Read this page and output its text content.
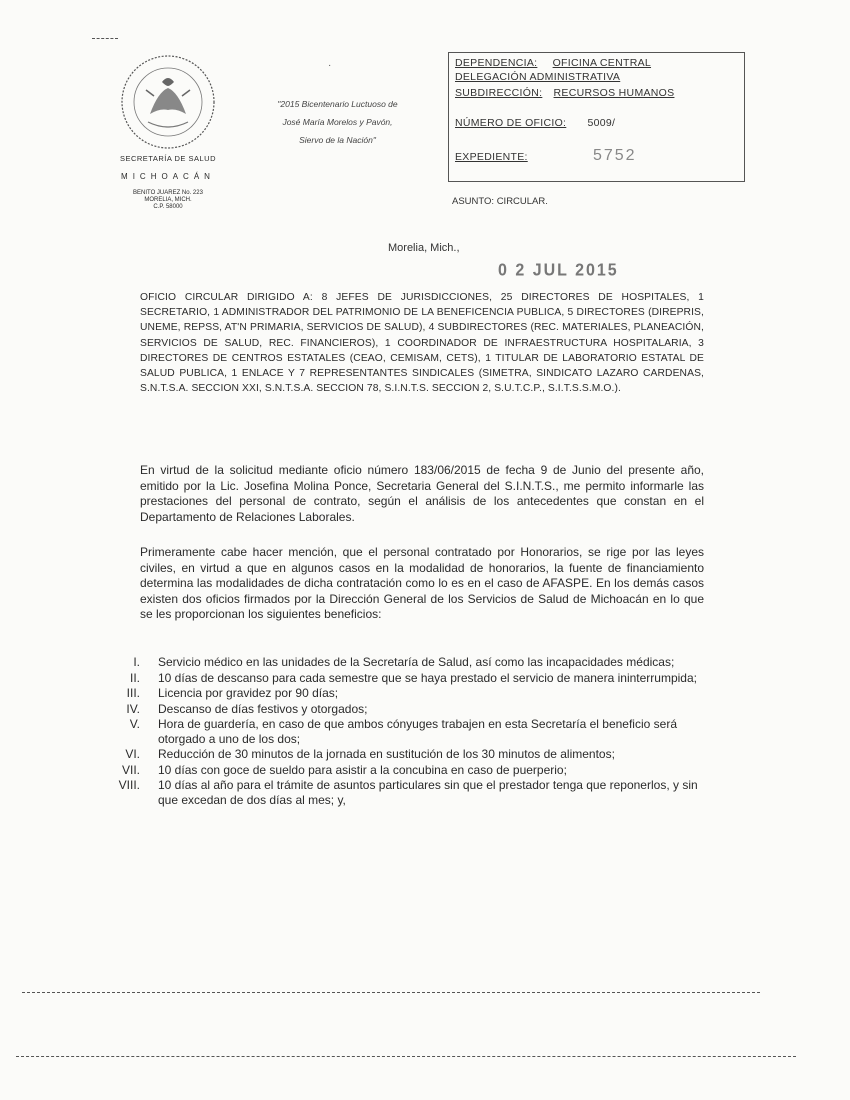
SECRETARÍA DE SALUD
MICHOACÁN
BENITO JUAREZ No. 223
MORELIA, MICH.
C.P. 58000
·
"2015 Bicentenario Luctuoso de
José María Morelos y Pavón,
Siervo de la Nación"
DEPENDENCIA: OFICINA CENTRAL
DELEGACIÓN ADMINISTRATIVA
SUBDIRECCIÓN: RECURSOS HUMANOS
NÚMERO DE OFICIO: 5009/
EXPEDIENTE:	5752
ASUNTO: CIRCULAR.
Morelia, Mich.,
0 2 JUL 2015
OFICIO CIRCULAR DIRIGIDO A: 8 JEFES DE JURISDICCIONES, 25 DIRECTORES DE HOSPITALES, 1 SECRETARIO, 1 ADMINISTRADOR DEL PATRIMONIO DE LA BENEFICENCIA PUBLICA, 5 DIRECTORES (DIREPRIS, UNEME, REPSS, AT'N PRIMARIA, SERVICIOS DE SALUD), 4 SUBDIRECTORES (REC. MATERIALES, PLANEACIÓN, SERVICIOS DE SALUD, REC. FINANCIEROS), 1 COORDINADOR DE INFRAESTRUCTURA HOSPITALARIA, 3 DIRECTORES DE CENTROS ESTATALES (CEAO, CEMISAM, CETS), 1 TITULAR DE LABORATORIO ESTATAL DE SALUD PUBLICA, 1 ENLACE Y 7 REPRESENTANTES SINDICALES (SIMETRA, SINDICATO LAZARO CARDENAS, S.N.T.S.A. SECCION XXI, S.N.T.S.A. SECCION 78, S.I.N.T.S. SECCION 2, S.U.T.C.P., S.I.T.S.S.M.O.).
En virtud de la solicitud mediante oficio número 183/06/2015 de fecha 9 de Junio del presente año, emitido por la Lic. Josefina Molina Ponce, Secretaria General del S.I.N.T.S., me permito informarle las prestaciones del personal de contrato, según el análisis de los antecedentes que constan en el Departamento de Relaciones Laborales.
Primeramente cabe hacer mención, que el personal contratado por Honorarios, se rige por las leyes civiles, en virtud a que en algunos casos en la modalidad de honorarios, la fuente de financiamiento determina las modalidades de dicha contratación como lo es en el caso de AFASPE. En los demás casos existen dos oficios firmados por la Dirección General de los Servicios de Salud de Michoacán en lo que se les proporcionan los siguientes beneficios:
I. Servicio médico en las unidades de la Secretaría de Salud, así como las incapacidades médicas;
II. 10 días de descanso para cada semestre que se haya prestado el servicio de manera ininterrumpida;
III. Licencia por gravidez por 90 días;
IV. Descanso de días festivos y otorgados;
V. Hora de guardería, en caso de que ambos cónyuges trabajen en esta Secretaría el beneficio será otorgado a uno de los dos;
VI. Reducción de 30 minutos de la jornada en sustitución de los 30 minutos de alimentos;
VII. 10 días con goce de sueldo para asistir a la concubina en caso de puerperio;
VIII. 10 días al año para el trámite de asuntos particulares sin que el prestador tenga que reponerlos, y sin que excedan de dos días al mes; y,
